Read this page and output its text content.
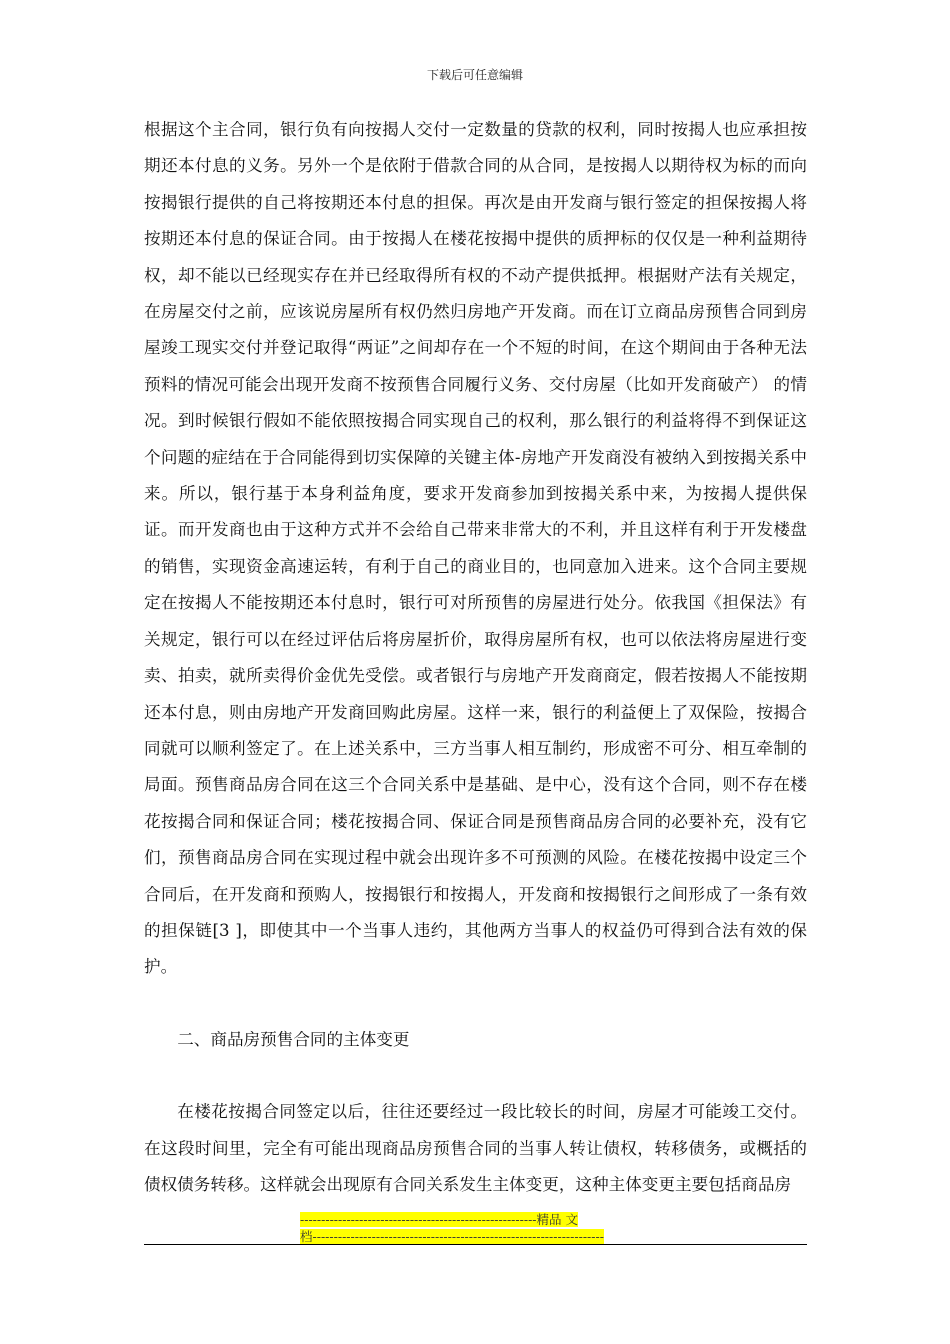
下载后可任意编辑

根据这个主合同，银行负有向按揭人交付一定数量的贷款的权利，同时按揭人也应承担按期还本付息的义务。另外一个是依附于借款合同的从合同，是按揭人以期待权为标的而向按揭银行提供的自己将按期还本付息的担保。再次是由开发商与银行签定的担保按揭人将按期还本付息的保证合同。由于按揭人在楼花按揭中提供的质押标的仅仅是一种利益期待权，却不能以已经现实存在并已经取得所有权的不动产提供抵押。根据财产法有关规定，在房屋交付之前，应该说房屋所有权仍然归房地产开发商。而在订立商品房预售合同到房屋竣工现实交付并登记取得“两证”之间却存在一个不短的时间，在这个期间由于各种无法预料的情况可能会出现开发商不按预售合同履行义务、交付房屋（比如开发商破产） 的情况。到时候银行假如不能依照按揭合同实现自己的权利，那么银行的利益将得不到保证这个问题的症结在于合同能得到切实保障的关键主体-房地产开发商没有被纳入到按揭关系中来。所以，银行基于本身利益角度，要求开发商参加到按揭关系中来，为按揭人提供保证。而开发商也由于这种方式并不会给自己带来非常大的不利，并且这样有利于开发楼盘的销售，实现资金高速运转，有利于自己的商业目的，也同意加入进来。这个合同主要规定在按揭人不能按期还本付息时，银行可对所预售的房屋进行处分。依我国《担保法》有关规定，银行可以在经过评估后将房屋折价，取得房屋所有权，也可以依法将房屋进行变卖、拍卖，就所卖得价金优先受偿。或者银行与房地产开发商商定，假若按揭人不能按期还本付息，则由房地产开发商回购此房屋。这样一来，银行的利益便上了双保险，按揭合同就可以顺利签定了。在上述关系中，三方当事人相互制约，形成密不可分、相互牵制的局面。预售商品房合同在这三个合同关系中是基础、是中心，没有这个合同，则不存在楼花按揭合同和保证合同；楼花按揭合同、保证合同是预售商品房合同的必要补充，没有它们，预售商品房合同在实现过程中就会出现许多不可预测的风险。在楼花按揭中设定三个合同后，在开发商和预购人，按揭银行和按揭人，开发商和按揭银行之间形成了一条有效的担保链[3 ]，即使其中一个当事人违约，其他两方当事人的权益仍可得到合法有效的保护。

二、商品房预售合同的主体变更

在楼花按揭合同签定以后，往往还要经过一段比较长的时间，房屋才可能竣工交付。在这段时间里，完全有可能出现商品房预售合同的当事人转让债权，转移债务，或概括的债权债务转移。这样就会出现原有合同关系发生主体变更，这种主体变更主要包括商品房

--------------------------------------------------------精品 文
档---------------------------------------------------------------------
